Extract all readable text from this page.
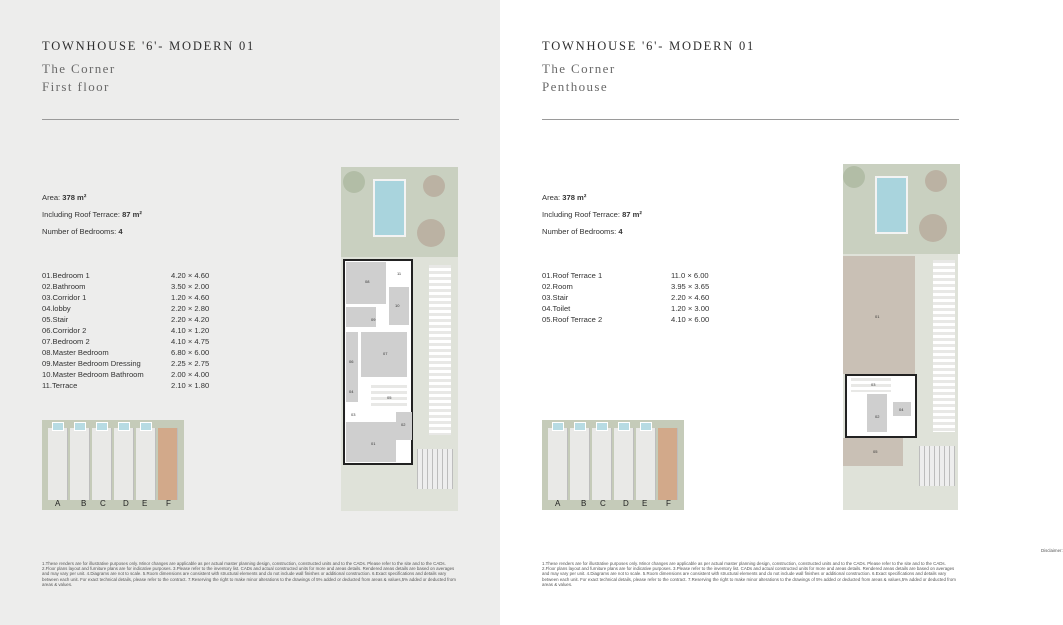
TOWNHOUSE '6'- MODERN 01
The Corner
First floor
Area: 378 m²
Including Roof Terrace: 87 m²
Number of Bedrooms: 4
01.Bedroom 1	4.20 × 4.60
02.Bathroom	3.50 × 2.00
03.Corridor 1	1.20 × 4.60
04.lobby	2.20 × 2.80
05.Stair	2.20 × 4.20
06.Corridor 2	4.10 × 1.20
07.Bedroom 2	4.10 × 4.75
08.Master Bedroom	6.80 × 6.00
09.Master Bedroom Dressing	2.25 × 2.75
10.Master Bedroom Bathroom	2.00 × 4.00
11.Terrace	2.10 × 1.80
A	B C D E F
08
11
10
09
07
06
04
03
01
02
05
1.These renders are for illustrative purposes only. Minor changes are applicable as per actual master planning design, construction, constructed units and to the CADs. Please refer to the site and to the CADs. 2.Floor plans layout and furniture plans are for indicative purposes. 3.Please refer to the inventory list. CADs and actual constructed units for more and areas details. Rendered areas details are based on averages and may vary per unit. 4.Diagrams are not to scale. 5.Room dimensions are consistent with structural elements and do not include wall finishes or additional construction. 6.Exact specifications and details vary between each unit. For exact technical details, please refer to the contract. 7.Reserving the right to make minor alterations to the drawings of 5% added or deducted from areas & values,5% added or deducted from areas & values.
TOWNHOUSE '6'- MODERN 01
The Corner
Penthouse
Area: 378 m²
Including Roof Terrace: 87 m²
Number of Bedrooms: 4
01.Roof Terrace 1	11.0 × 6.00
02.Room	3.95 × 3.65
03.Stair	2.20 × 4.60
04.Toilet	1.20 × 3.00
05.Roof Terrace 2	4.10 × 6.00
A	B C D E F
01
03
02
04
05
Disclaimer:
1.These renders are for illustrative purposes only. Minor changes are applicable as per actual master planning design, construction, constructed units and to the CADs. Please refer to the site and to the CADs. 2.Floor plans layout and furniture plans are for indicative purposes. 3.Please refer to the inventory list. CADs and actual constructed units for more and areas details. Rendered areas details are based on averages and may vary per unit. 4.Diagrams are not to scale. 5.Room dimensions are consistent with structural elements and do not include wall finishes or additional construction. 6.Exact specifications and details vary between each unit. For exact technical details, please refer to the contract. 7.Reserving the right to make minor alterations to the drawings of 5% added or deducted from areas & values,5% added or deducted from areas & values.
